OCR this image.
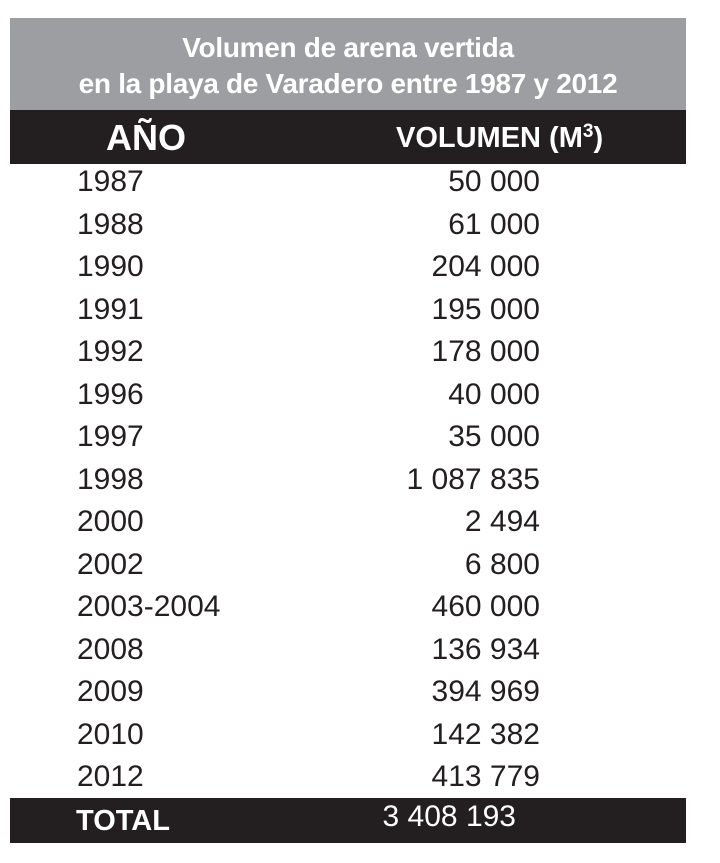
Volumen de arena vertida
en la playa de Varadero entre 1987 y 2012
AÑO	VOLUMEN $(M^3)$
1987	50 000
1988	61 000
1990	204 000
1991	195 000
1992	178 000
1996	40 000
1997	35 000
1998	1 087 835
2000	2 494
2002	6 800
2003-2004	460 000
2008	136 934
2009	394 969
2010	142 382
2012	413 779
TOTAL	3 408 193
